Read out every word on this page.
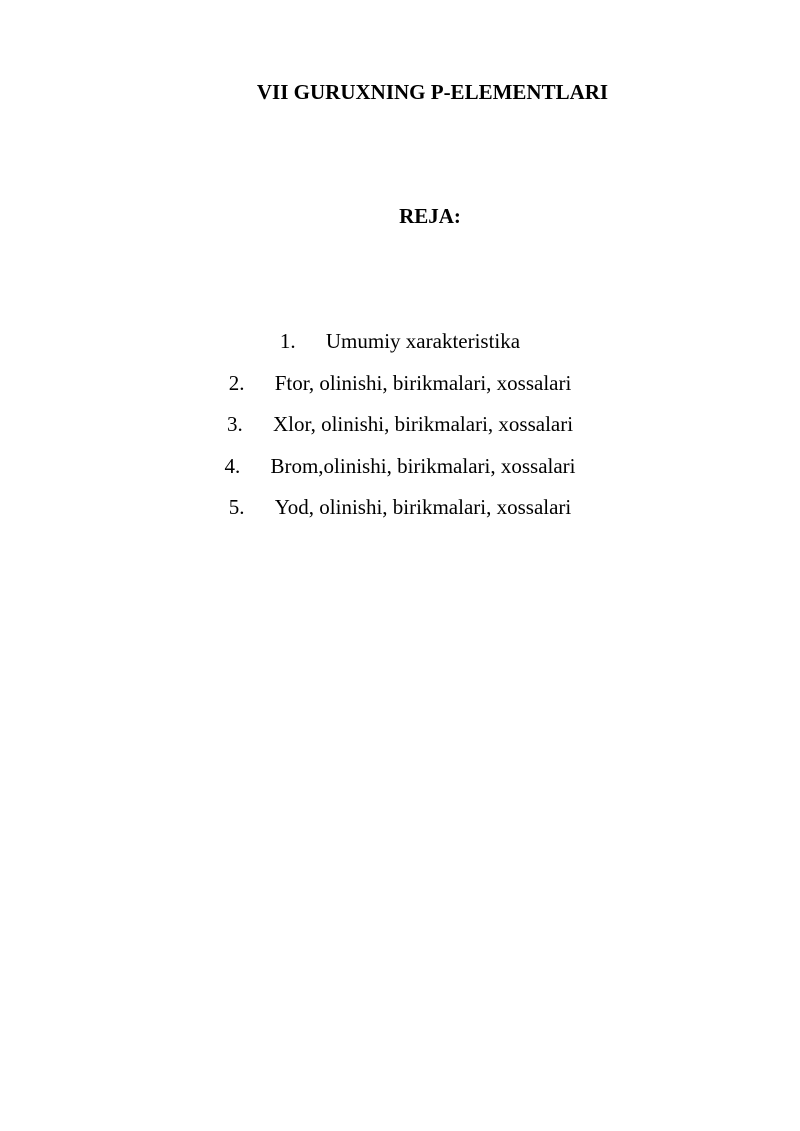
VII GURUXNING P-ELEMENTLARI
REJA:
1.	Umumiy xarakteristika
2.	Ftor, olinishi, birikmalari, xossalari
3.	Xlor, olinishi, birikmalari, xossalari
4.	Brom,olinishi, birikmalari, xossalari
5.	Yod, olinishi, birikmalari, xossalari
